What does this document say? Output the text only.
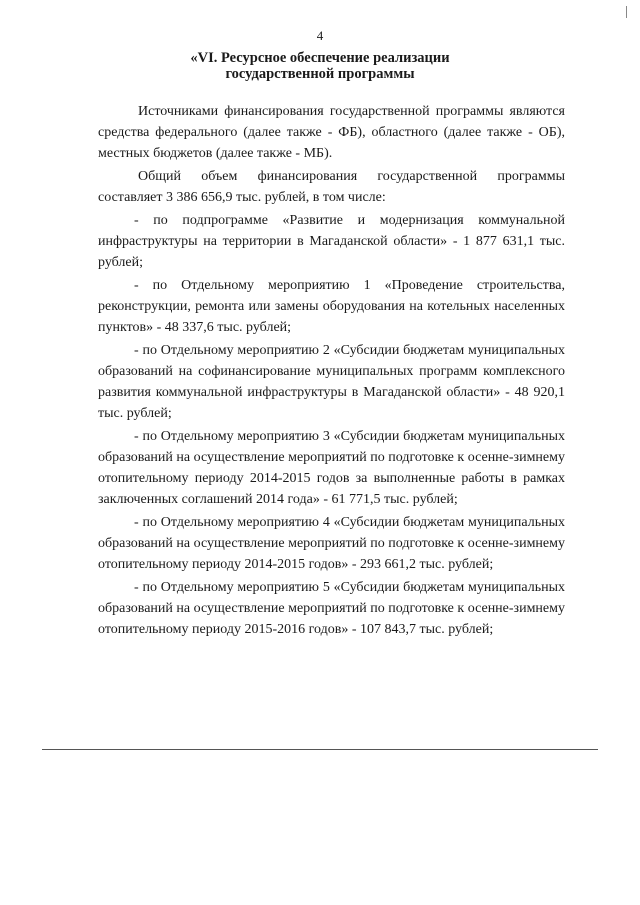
4
«VI. Ресурсное обеспечение реализации
государственной программы

Источниками финансирования государственной программы являются средства федерального (далее также - ФБ), областного (далее также - ОБ), местных бюджетов (далее также - МБ).

Общий объем финансирования государственной программы составляет 3 386 656,9 тыс. рублей, в том числе:

- по подпрограмме «Развитие и модернизация коммунальной инфраструктуры на территории в Магаданской области» - 1 877 631,1 тыс. рублей;

- по Отдельному мероприятию 1 «Проведение строительства, реконструкции, ремонта или замены оборудования на котельных населенных пунктов» - 48 337,6 тыс. рублей;

- по Отдельному мероприятию 2 «Субсидии бюджетам муниципальных образований на софинансирование муниципальных программ комплексного развития коммунальной инфраструктуры в Магаданской области» - 48 920,1 тыс. рублей;

- по Отдельному мероприятию 3 «Субсидии бюджетам муниципальных образований на осуществление мероприятий по подготовке к осенне-зимнему отопительному периоду 2014-2015 годов за выполненные работы в рамках заключенных соглашений 2014 года» - 61 771,5 тыс. рублей;

- по Отдельному мероприятию 4 «Субсидии бюджетам муниципальных образований на осуществление мероприятий по подготовке к осенне-зимнему отопительному периоду 2014-2015 годов» - 293 661,2 тыс. рублей;

- по Отдельному мероприятию 5 «Субсидии бюджетам муниципальных образований на осуществление мероприятий по подготовке к осенне-зимнему отопительному периоду 2015-2016 годов» - 107 843,7 тыс. рублей;
